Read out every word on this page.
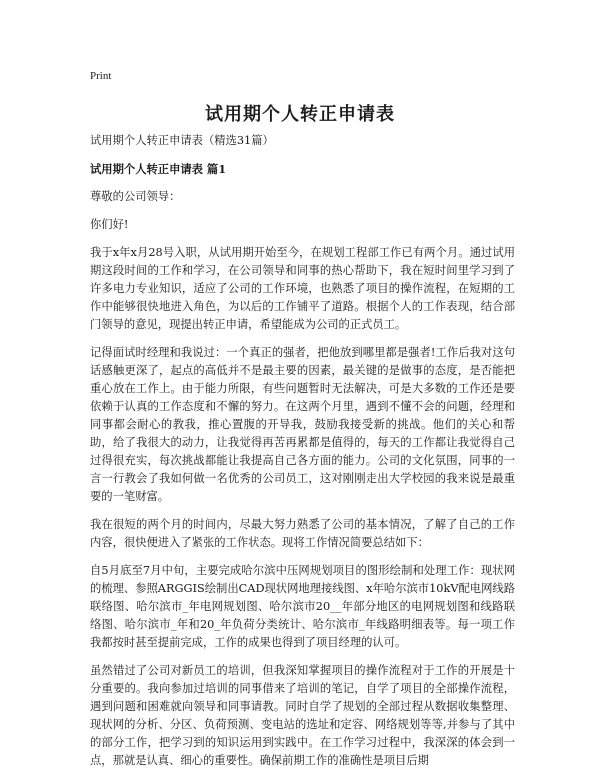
Print
试用期个人转正申请表

试用期个人转正申请表（精选31篇）

试用期个人转正申请表 篇1

尊敬的公司领导：

你们好!

我于x年x月28号入职，从试用期开始至今，在规划工程部工作已有两个月。通过试用期这段时间的工作和学习，在公司领导和同事的热心帮助下，我在短时间里学习到了许多电力专业知识，适应了公司的工作环境，也熟悉了项目的操作流程，在短期的工作中能够很快地进入角色，为以后的工作铺平了道路。根据个人的工作表现，结合部门领导的意见，现提出转正申请，希望能成为公司的正式员工。

记得面试时经理和我说过：一个真正的强者，把他放到哪里都是强者!工作后我对这句话感触更深了，起点的高低并不是最主要的因素，最关键的是做事的态度，是否能把重心放在工作上。由于能力所限，有些问题暂时无法解决，可是大多数的工作还是要依赖于认真的工作态度和不懈的努力。在这两个月里，遇到不懂不会的问题，经理和同事都会耐心的教我，推心置腹的开导我，鼓励我接受新的挑战。他们的关心和帮助，给了我很大的动力，让我觉得再苦再累都是值得的，每天的工作都让我觉得自己过得很充实，每次挑战都能让我提高自己各方面的能力。公司的文化氛围，同事的一言一行教会了我如何做一名优秀的公司员工，这对刚刚走出大学校园的我来说是最重要的一笔财富。

我在很短的两个月的时间内，尽最大努力熟悉了公司的基本情况，了解了自己的工作内容，很快便进入了紧张的工作状态。现将工作情况简要总结如下：

自5月底至7月中旬，主要完成哈尔滨中压网规划项目的图形绘制和处理工作：现状网的梳理、参照ARGGIS绘制出CAD现状网地理接线图、x年哈尔滨市10kV配电网线路联络图、哈尔滨市_年电网规划图、哈尔滨市20__年部分地区的电网规划图和线路联络图、哈尔滨市_年和20_年负荷分类统计、哈尔滨市_年线路明细表等。每一项工作我都按时甚至提前完成，工作的成果也得到了项目经理的认可。

虽然错过了公司对新员工的培训，但我深知掌握项目的操作流程对于工作的开展是十分重要的。我向参加过培训的同事借来了培训的笔记，自学了项目的全部操作流程，遇到问题和困难就向领导和同事请教。同时自学了规划的全部过程从数据收集整理、现状网的分析、分区、负荷预测、变电站的选址和定容、网络规划等等,并参与了其中的部分工作，把学习到的知识运用到实践中。在工作学习过程中，我深深的体会到一点，那就是认真、细心的重要性。确保前期工作的准确性是项目后期
